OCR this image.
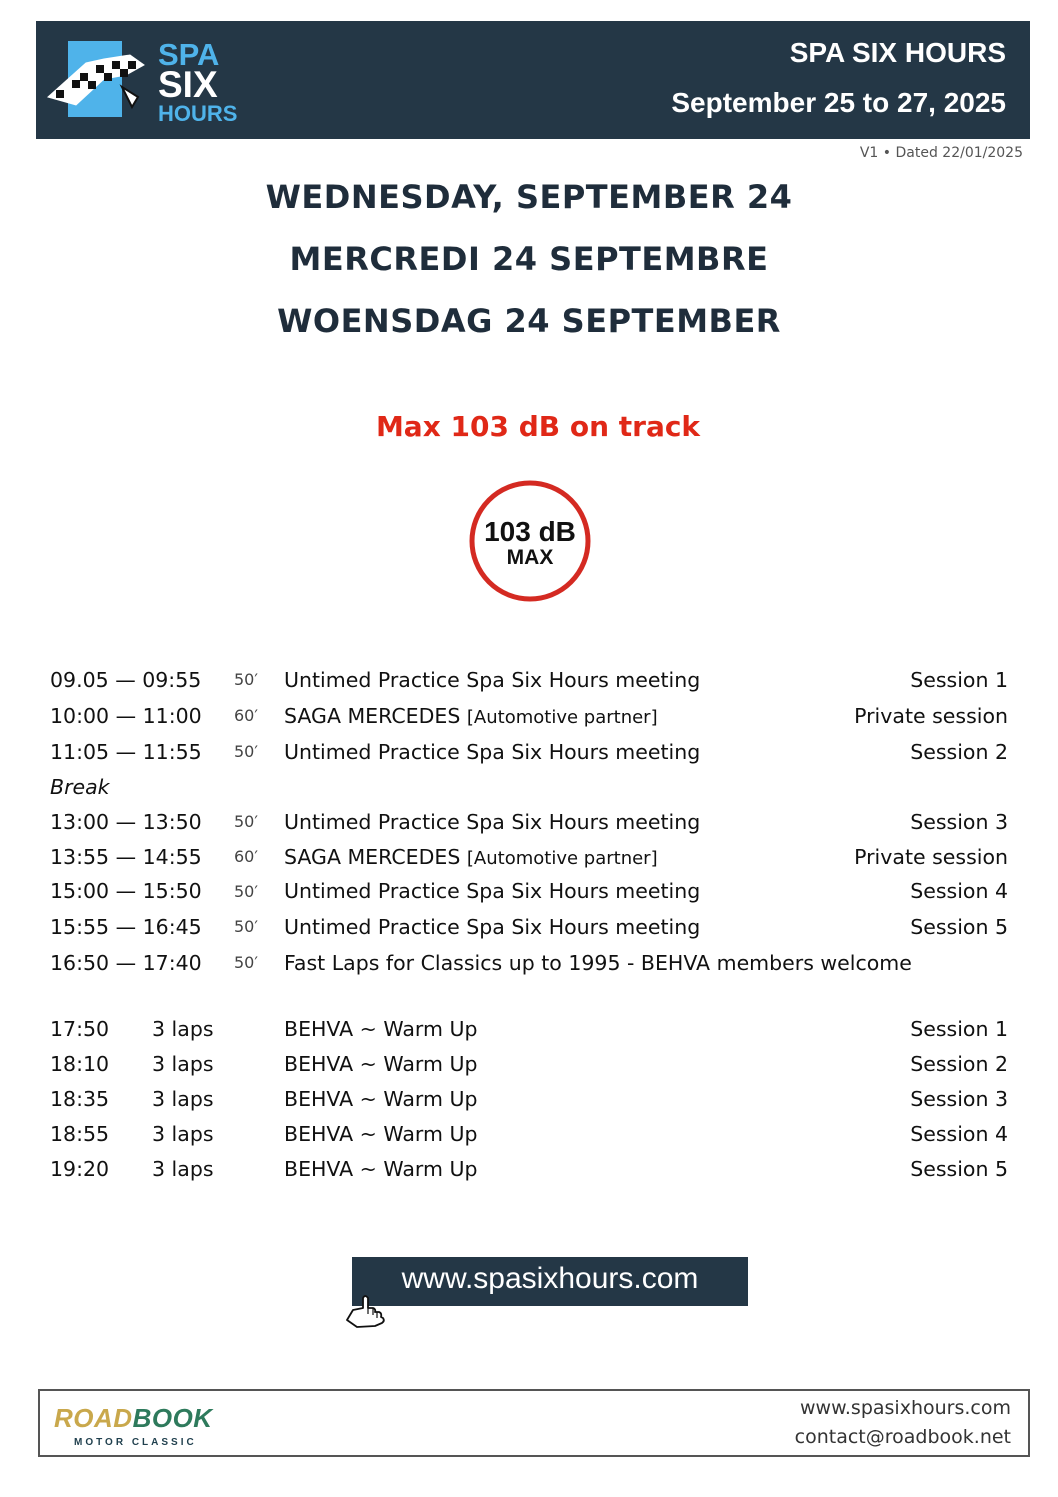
SPA
SIX
HOURS
SPA SIX HOURS
September 25 to 27, 2025
V1 • Dated 22/01/2025
WEDNESDAY, SEPTEMBER 24
MERCREDI 24 SEPTEMBRE
WOENSDAG 24 SEPTEMBER
Max 103 dB on track
103 dB
MAX
09.05 — 09:55 50′ Untimed Practice Spa Six Hours meeting	Session 1
10:00 — 11:00 60′ SAGA MERCEDES [Automotive partner]	Private session
11:05 — 11:55 50′ Untimed Practice Spa Six Hours meeting	Session 2
Break
13:00 — 13:50 50′ Untimed Practice Spa Six Hours meeting	Session 3
13:55 — 14:55 60′ SAGA MERCEDES [Automotive partner]	Private session
15:00 — 15:50 50′ Untimed Practice Spa Six Hours meeting	Session 4
15:55 — 16:45 50′ Untimed Practice Spa Six Hours meeting	Session 5
16:50 — 17:40 50′ Fast Laps for Classics up to 1995 - BEHVA members welcome
17:50 3 laps	BEHVA ~ Warm Up	Session 1
18:10 3 laps	BEHVA ~ Warm Up	Session 2
18:35 3 laps	BEHVA ~ Warm Up	Session 3
18:55 3 laps	BEHVA ~ Warm Up	Session 4
19:20 3 laps	BEHVA ~ Warm Up	Session 5
www.spasixhours.com
ROADBOOK
MOTOR CLASSIC
www.spasixhours.com
contact@roadbook.net
